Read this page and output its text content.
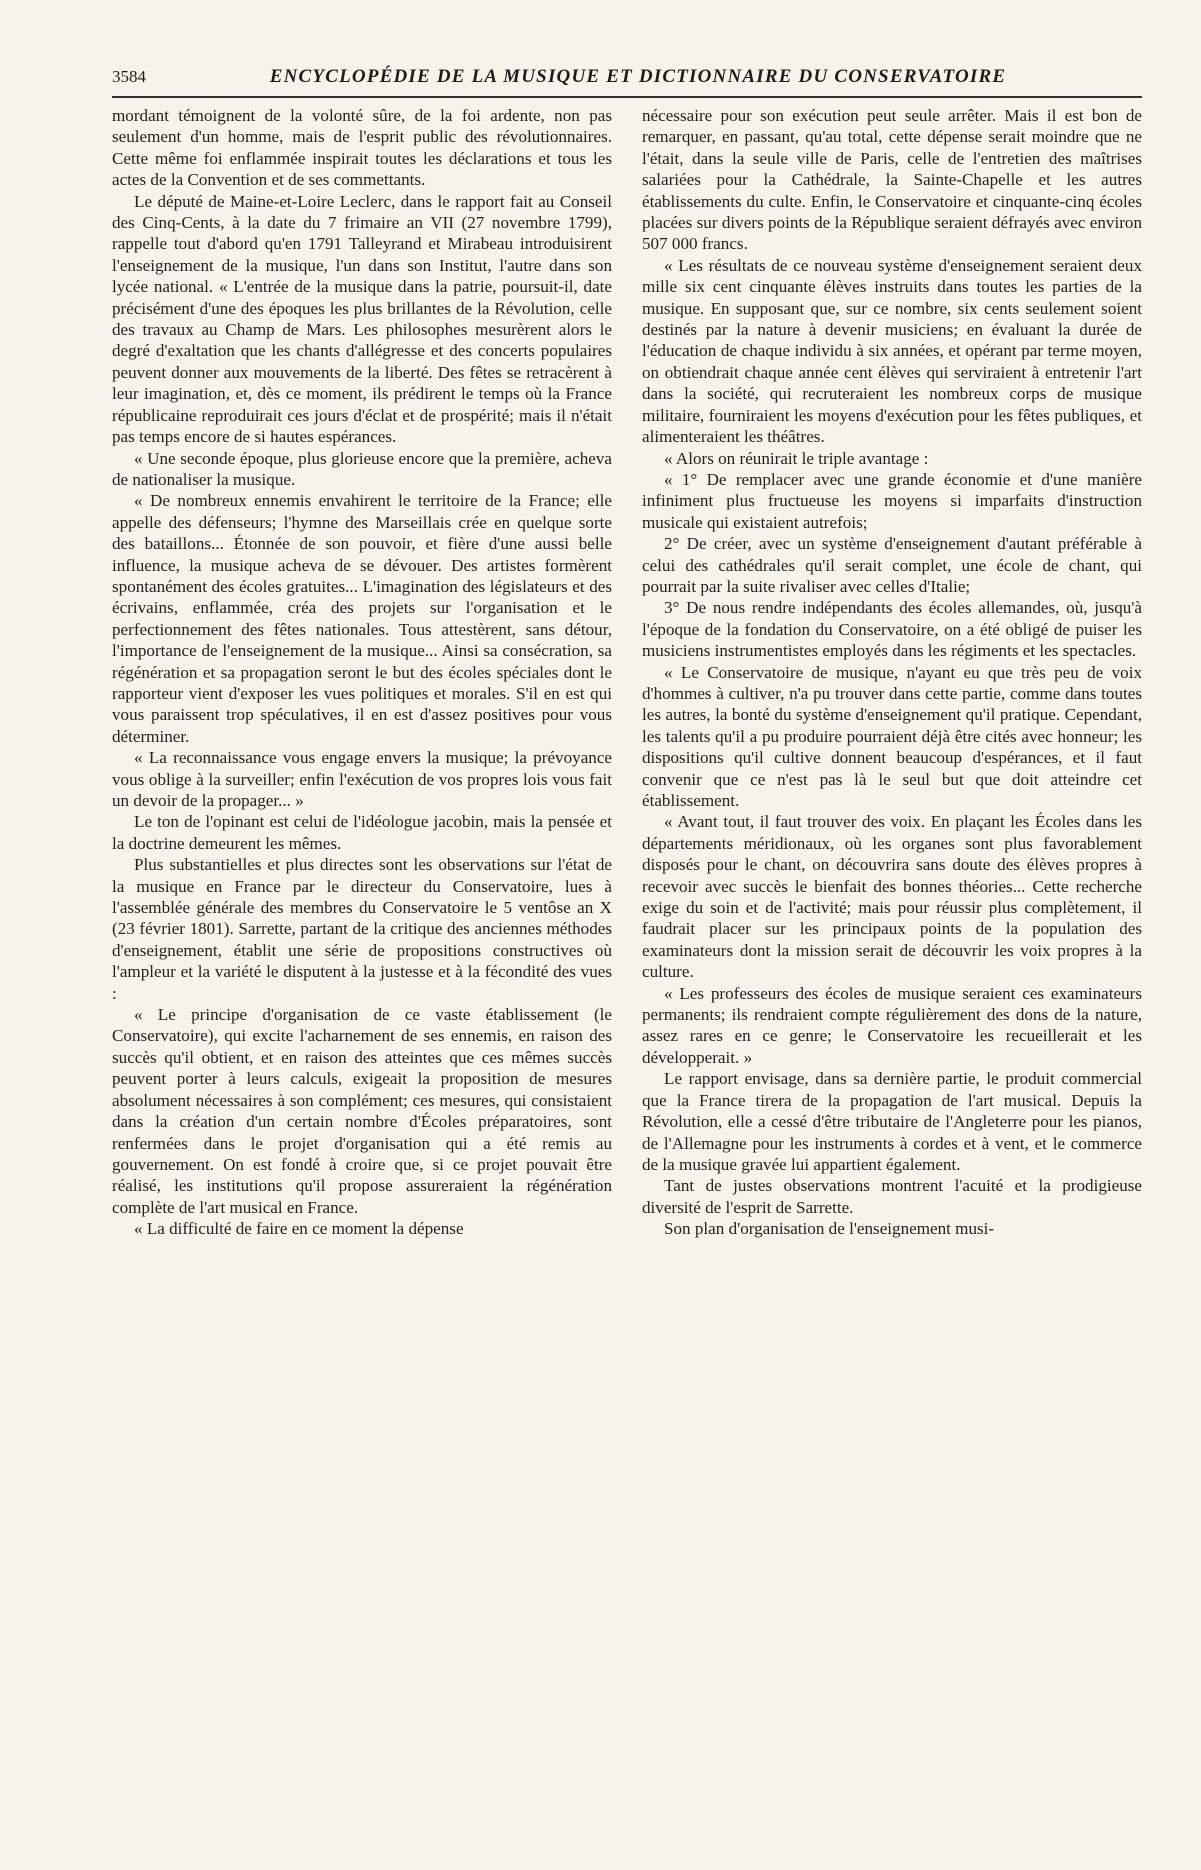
3584	ENCYCLOPÉDIE DE LA MUSIQUE ET DICTIONNAIRE DU CONSERVATOIRE

mordant témoignent de la volonté sûre, de la foi ardente, non pas seulement d'un homme, mais de l'esprit public des révolutionnaires. Cette même foi enflammée inspirait toutes les déclarations et tous les actes de la Convention et de ses commettants.

Le député de Maine-et-Loire Leclerc, dans le rapport fait au Conseil des Cinq-Cents, à la date du 7 frimaire an VII (27 novembre 1799), rappelle tout d'abord qu'en 1791 Talleyrand et Mirabeau introduisirent l'enseignement de la musique, l'un dans son Institut, l'autre dans son lycée national. « L'entrée de la musique dans la patrie, poursuit-il, date précisément d'une des époques les plus brillantes de la Révolution, celle des travaux au Champ de Mars. Les philosophes mesurèrent alors le degré d'exaltation que les chants d'allégresse et des concerts populaires peuvent donner aux mouvements de la liberté. Des fêtes se retracèrent à leur imagination, et, dès ce moment, ils prédirent le temps où la France républicaine reproduirait ces jours d'éclat et de prospérité; mais il n'était pas temps encore de si hautes espérances.

« Une seconde époque, plus glorieuse encore que la première, acheva de nationaliser la musique.

« De nombreux ennemis envahirent le territoire de la France; elle appelle des défenseurs; l'hymne des Marseillais crée en quelque sorte des bataillons... Étonnée de son pouvoir, et fière d'une aussi belle influence, la musique acheva de se dévouer. Des artistes formèrent spontanément des écoles gratuites... L'imagination des législateurs et des écrivains, enflammée, créa des projets sur l'organisation et le perfectionnement des fêtes nationales. Tous attestèrent, sans détour, l'importance de l'enseignement de la musique... Ainsi sa consécration, sa régénération et sa propagation seront le but des écoles spéciales dont le rapporteur vient d'exposer les vues politiques et morales. S'il en est qui vous paraissent trop spéculatives, il en est d'assez positives pour vous déterminer.

« La reconnaissance vous engage envers la musique; la prévoyance vous oblige à la surveiller; enfin l'exécution de vos propres lois vous fait un devoir de la propager... »

Le ton de l'opinant est celui de l'idéologue jacobin, mais la pensée et la doctrine demeurent les mêmes.

Plus substantielles et plus directes sont les observations sur l'état de la musique en France par le directeur du Conservatoire, lues à l'assemblée générale des membres du Conservatoire le 5 ventôse an X (23 février 1801). Sarrette, partant de la critique des anciennes méthodes d'enseignement, établit une série de propositions constructives où l'ampleur et la variété le disputent à la justesse et à la fécondité des vues :

« Le principe d'organisation de ce vaste établissement (le Conservatoire), qui excite l'acharnement de ses ennemis, en raison des succès qu'il obtient, et en raison des atteintes que ces mêmes succès peuvent porter à leurs calculs, exigeait la proposition de mesures absolument nécessaires à son complément; ces mesures, qui consistaient dans la création d'un certain nombre d'Écoles préparatoires, sont renfermées dans le projet d'organisation qui a été remis au gouvernement. On est fondé à croire que, si ce projet pouvait être réalisé, les institutions qu'il propose assureraient la régénération complète de l'art musical en France.

« La difficulté de faire en ce moment la dépense

nécessaire pour son exécution peut seule arrêter. Mais il est bon de remarquer, en passant, qu'au total, cette dépense serait moindre que ne l'était, dans la seule ville de Paris, celle de l'entretien des maîtrises salariées pour la Cathédrale, la Sainte-Chapelle et les autres établissements du culte. Enfin, le Conservatoire et cinquante-cinq écoles placées sur divers points de la République seraient défrayés avec environ 507 000 francs.

« Les résultats de ce nouveau système d'enseignement seraient deux mille six cent cinquante élèves instruits dans toutes les parties de la musique. En supposant que, sur ce nombre, six cents seulement soient destinés par la nature à devenir musiciens; en évaluant la durée de l'éducation de chaque individu à six années, et opérant par terme moyen, on obtiendrait chaque année cent élèves qui serviraient à entretenir l'art dans la société, qui recruteraient les nombreux corps de musique militaire, fourniraient les moyens d'exécution pour les fêtes publiques, et alimenteraient les théâtres.

« Alors on réunirait le triple avantage :

« 1° De remplacer avec une grande économie et d'une manière infiniment plus fructueuse les moyens si imparfaits d'instruction musicale qui existaient autrefois;

2° De créer, avec un système d'enseignement d'autant préférable à celui des cathédrales qu'il serait complet, une école de chant, qui pourrait par la suite rivaliser avec celles d'Italie;

3° De nous rendre indépendants des écoles allemandes, où, jusqu'à l'époque de la fondation du Conservatoire, on a été obligé de puiser les musiciens instrumentistes employés dans les régiments et les spectacles.

« Le Conservatoire de musique, n'ayant eu que très peu de voix d'hommes à cultiver, n'a pu trouver dans cette partie, comme dans toutes les autres, la bonté du système d'enseignement qu'il pratique. Cependant, les talents qu'il a pu produire pourraient déjà être cités avec honneur; les dispositions qu'il cultive donnent beaucoup d'espérances, et il faut convenir que ce n'est pas là le seul but que doit atteindre cet établissement.

« Avant tout, il faut trouver des voix. En plaçant les Écoles dans les départements méridionaux, où les organes sont plus favorablement disposés pour le chant, on découvrira sans doute des élèves propres à recevoir avec succès le bienfait des bonnes théories... Cette recherche exige du soin et de l'activité; mais pour réussir plus complètement, il faudrait placer sur les principaux points de la population des examinateurs dont la mission serait de découvrir les voix propres à la culture.

« Les professeurs des écoles de musique seraient ces examinateurs permanents; ils rendraient compte régulièrement des dons de la nature, assez rares en ce genre; le Conservatoire les recueillerait et les développerait. »

Le rapport envisage, dans sa dernière partie, le produit commercial que la France tirera de la propagation de l'art musical. Depuis la Révolution, elle a cessé d'être tributaire de l'Angleterre pour les pianos, de l'Allemagne pour les instruments à cordes et à vent, et le commerce de la musique gravée lui appartient également.

Tant de justes observations montrent l'acuité et la prodigieuse diversité de l'esprit de Sarrette.

Son plan d'organisation de l'enseignement musi-
